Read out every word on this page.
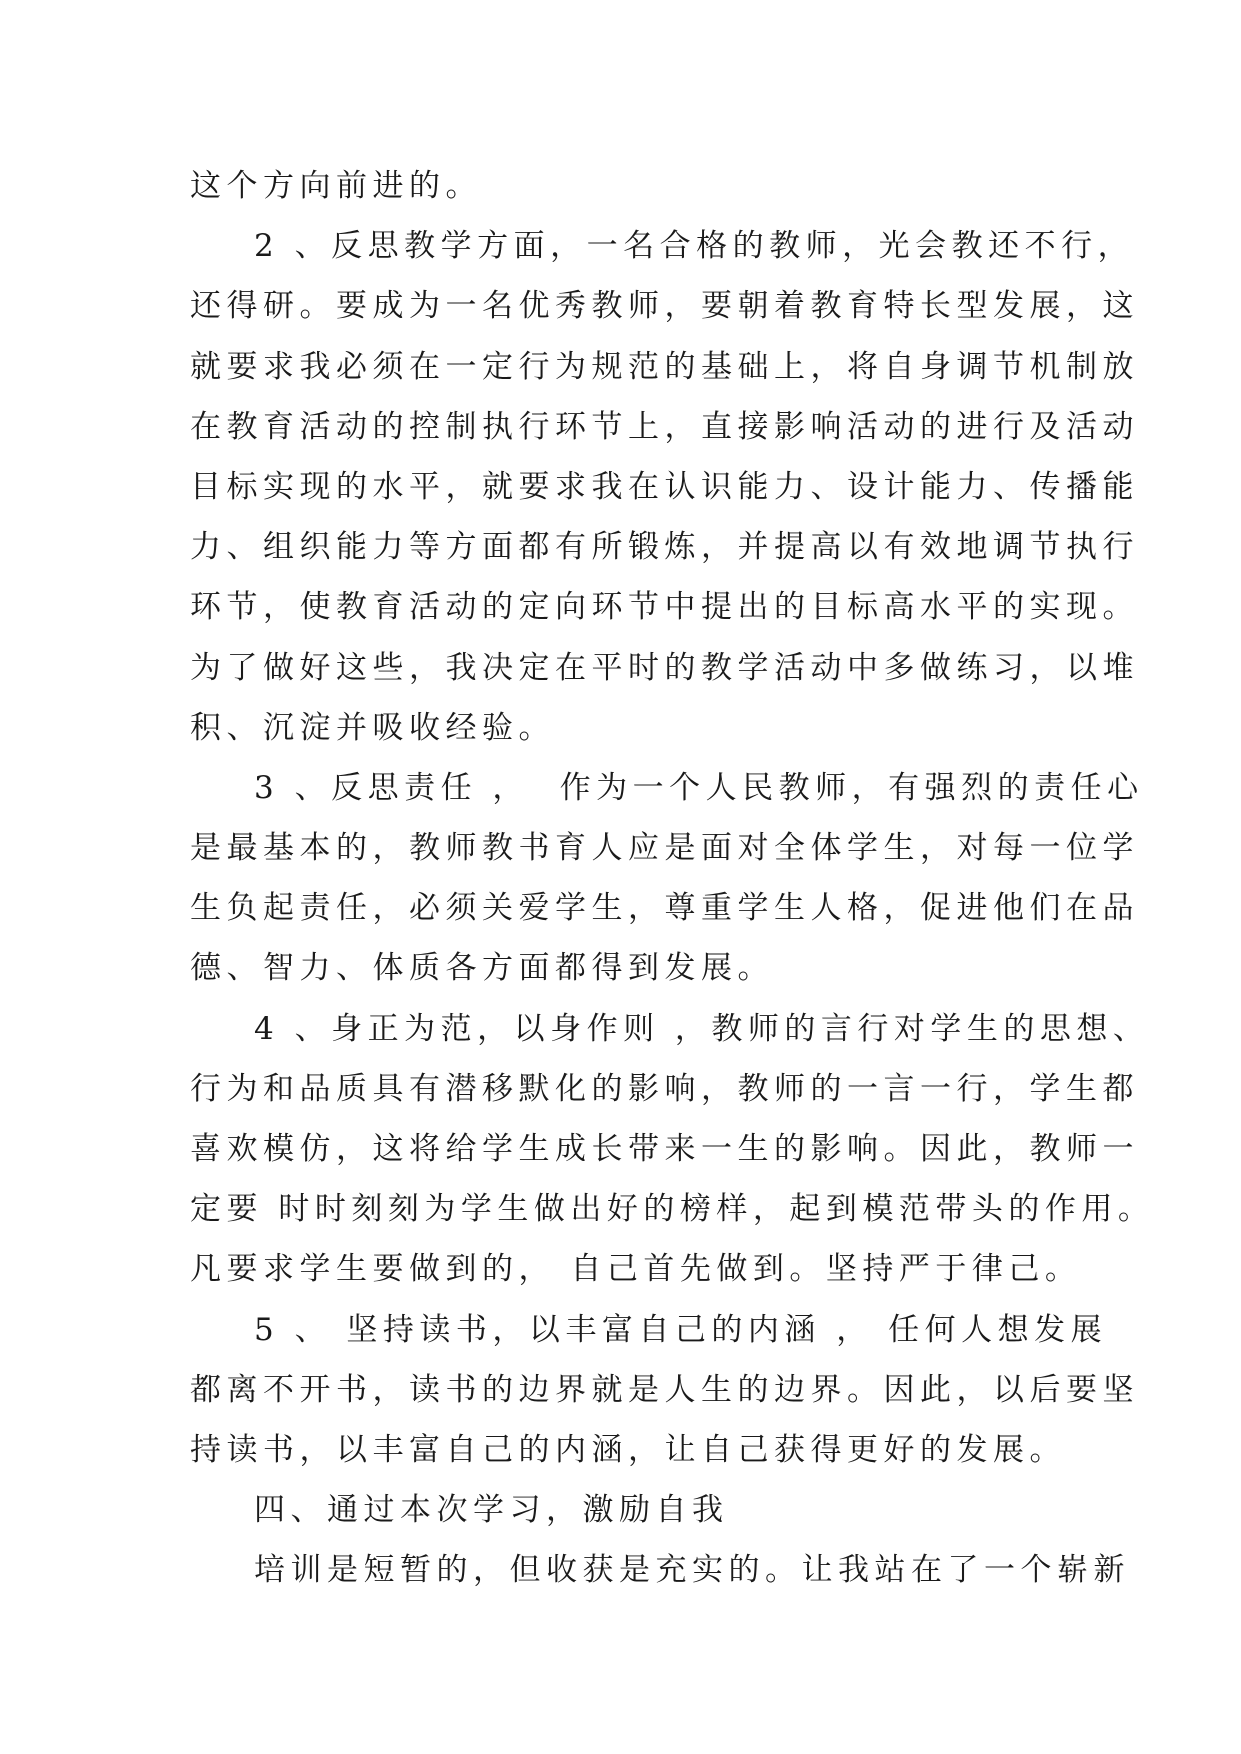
这个方向前进的。
2 、反思教学方面，一名合格的教师，光会教还不行，
还得研。要成为一名优秀教师，要朝着教育特长型发展，这
就要求我必须在一定行为规范的基础上，将自身调节机制放
在教育活动的控制执行环节上，直接影响活动的进行及活动
目标实现的水平，就要求我在认识能力、设计能力、传播能
力、组织能力等方面都有所锻炼，并提高以有效地调节执行
环节，使教育活动的定向环节中提出的目标高水平的实现。
为了做好这些，我决定在平时的教学活动中多做练习，以堆
积、沉淀并吸收经验。
3 、反思责任 ，  作为一个人民教师，有强烈的责任心
是最基本的，教师教书育人应是面对全体学生，对每一位学
生负起责任，必须关爱学生，尊重学生人格，促进他们在品
德、智力、体质各方面都得到发展。
4 、身正为范，以身作则 ，教师的言行对学生的思想、
行为和品质具有潜移默化的影响，教师的一言一行，学生都
喜欢模仿，这将给学生成长带来一生的影响。因此，教师一
定要 时时刻刻为学生做出好的榜样，起到模范带头的作用。
凡要求学生要做到的， 自己首先做到。坚持严于律己。
5 、 坚持读书，以丰富自己的内涵 ， 任何人想发展
都离不开书，读书的边界就是人生的边界。因此，以后要坚
持读书，以丰富自己的内涵，让自己获得更好的发展。
四、通过本次学习，激励自我
培训是短暂的，但收获是充实的。让我站在了一个崭新
